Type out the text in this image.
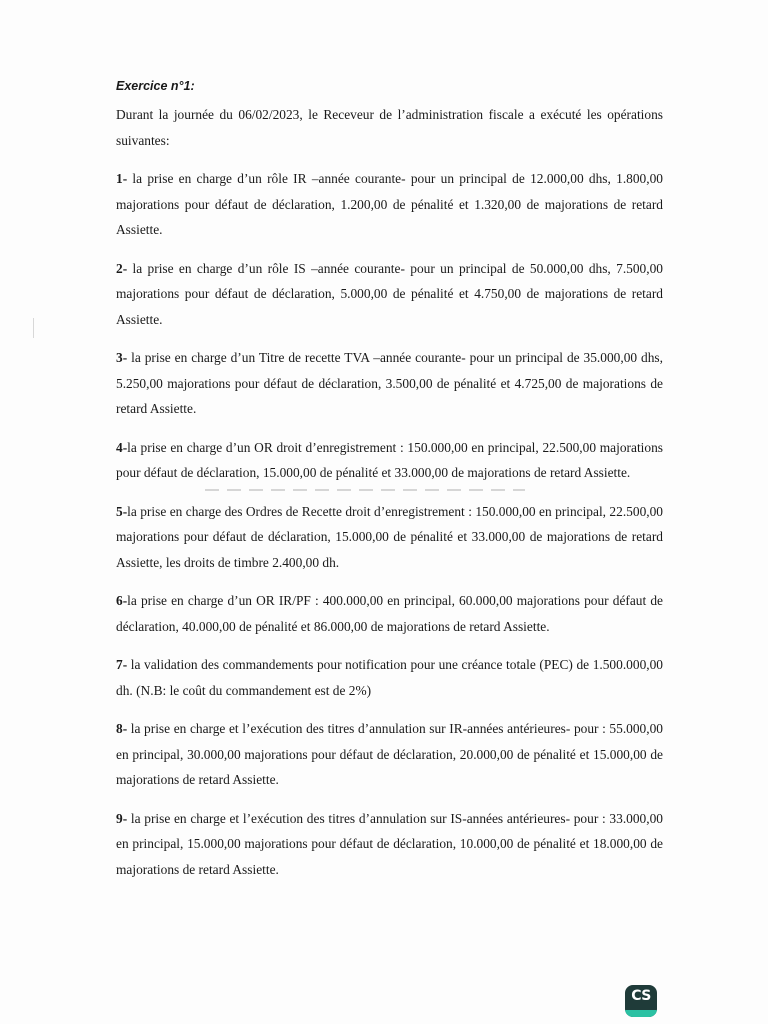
Exercice n°1:

Durant la journée du 06/02/2023, le Receveur de l’administration fiscale a exécuté les opérations suivantes:

1- la prise en charge d’un rôle IR –année courante- pour un principal de 12.000,00 dhs, 1.800,00 majorations pour défaut de déclaration, 1.200,00 de pénalité et 1.320,00 de majorations de retard Assiette.

2- la prise en charge d’un rôle IS –année courante- pour un principal de 50.000,00 dhs, 7.500,00 majorations pour défaut de déclaration, 5.000,00 de pénalité et 4.750,00 de majorations de retard Assiette.

3- la prise en charge d’un Titre de recette TVA –année courante- pour un principal de 35.000,00 dhs, 5.250,00 majorations pour défaut de déclaration, 3.500,00 de pénalité et 4.725,00 de majorations de retard Assiette.

4-la prise en charge d’un OR droit d’enregistrement : 150.000,00 en principal, 22.500,00 majorations pour défaut de déclaration, 15.000,00 de pénalité et 33.000,00 de majorations de retard Assiette.

5-la prise en charge des Ordres de Recette droit d’enregistrement : 150.000,00 en principal, 22.500,00 majorations pour défaut de déclaration, 15.000,00 de pénalité et 33.000,00 de majorations de retard Assiette, les droits de timbre 2.400,00 dh.

6-la prise en charge d’un OR IR/PF : 400.000,00 en principal, 60.000,00 majorations pour défaut de déclaration, 40.000,00 de pénalité et 86.000,00 de majorations de retard Assiette.

7- la validation des commandements pour notification pour une créance totale (PEC) de 1.500.000,00 dh. (N.B: le coût du commandement est de 2%)

8- la prise en charge et l’exécution des titres d’annulation sur IR-années antérieures- pour : 55.000,00 en principal, 30.000,00 majorations pour défaut de déclaration, 20.000,00 de pénalité et 15.000,00 de majorations de retard Assiette.

9- la prise en charge et l’exécution des titres d’annulation sur IS-années antérieures- pour : 33.000,00 en principal, 15.000,00 majorations pour défaut de déclaration, 10.000,00 de pénalité et 18.000,00 de majorations de retard Assiette.

CS
